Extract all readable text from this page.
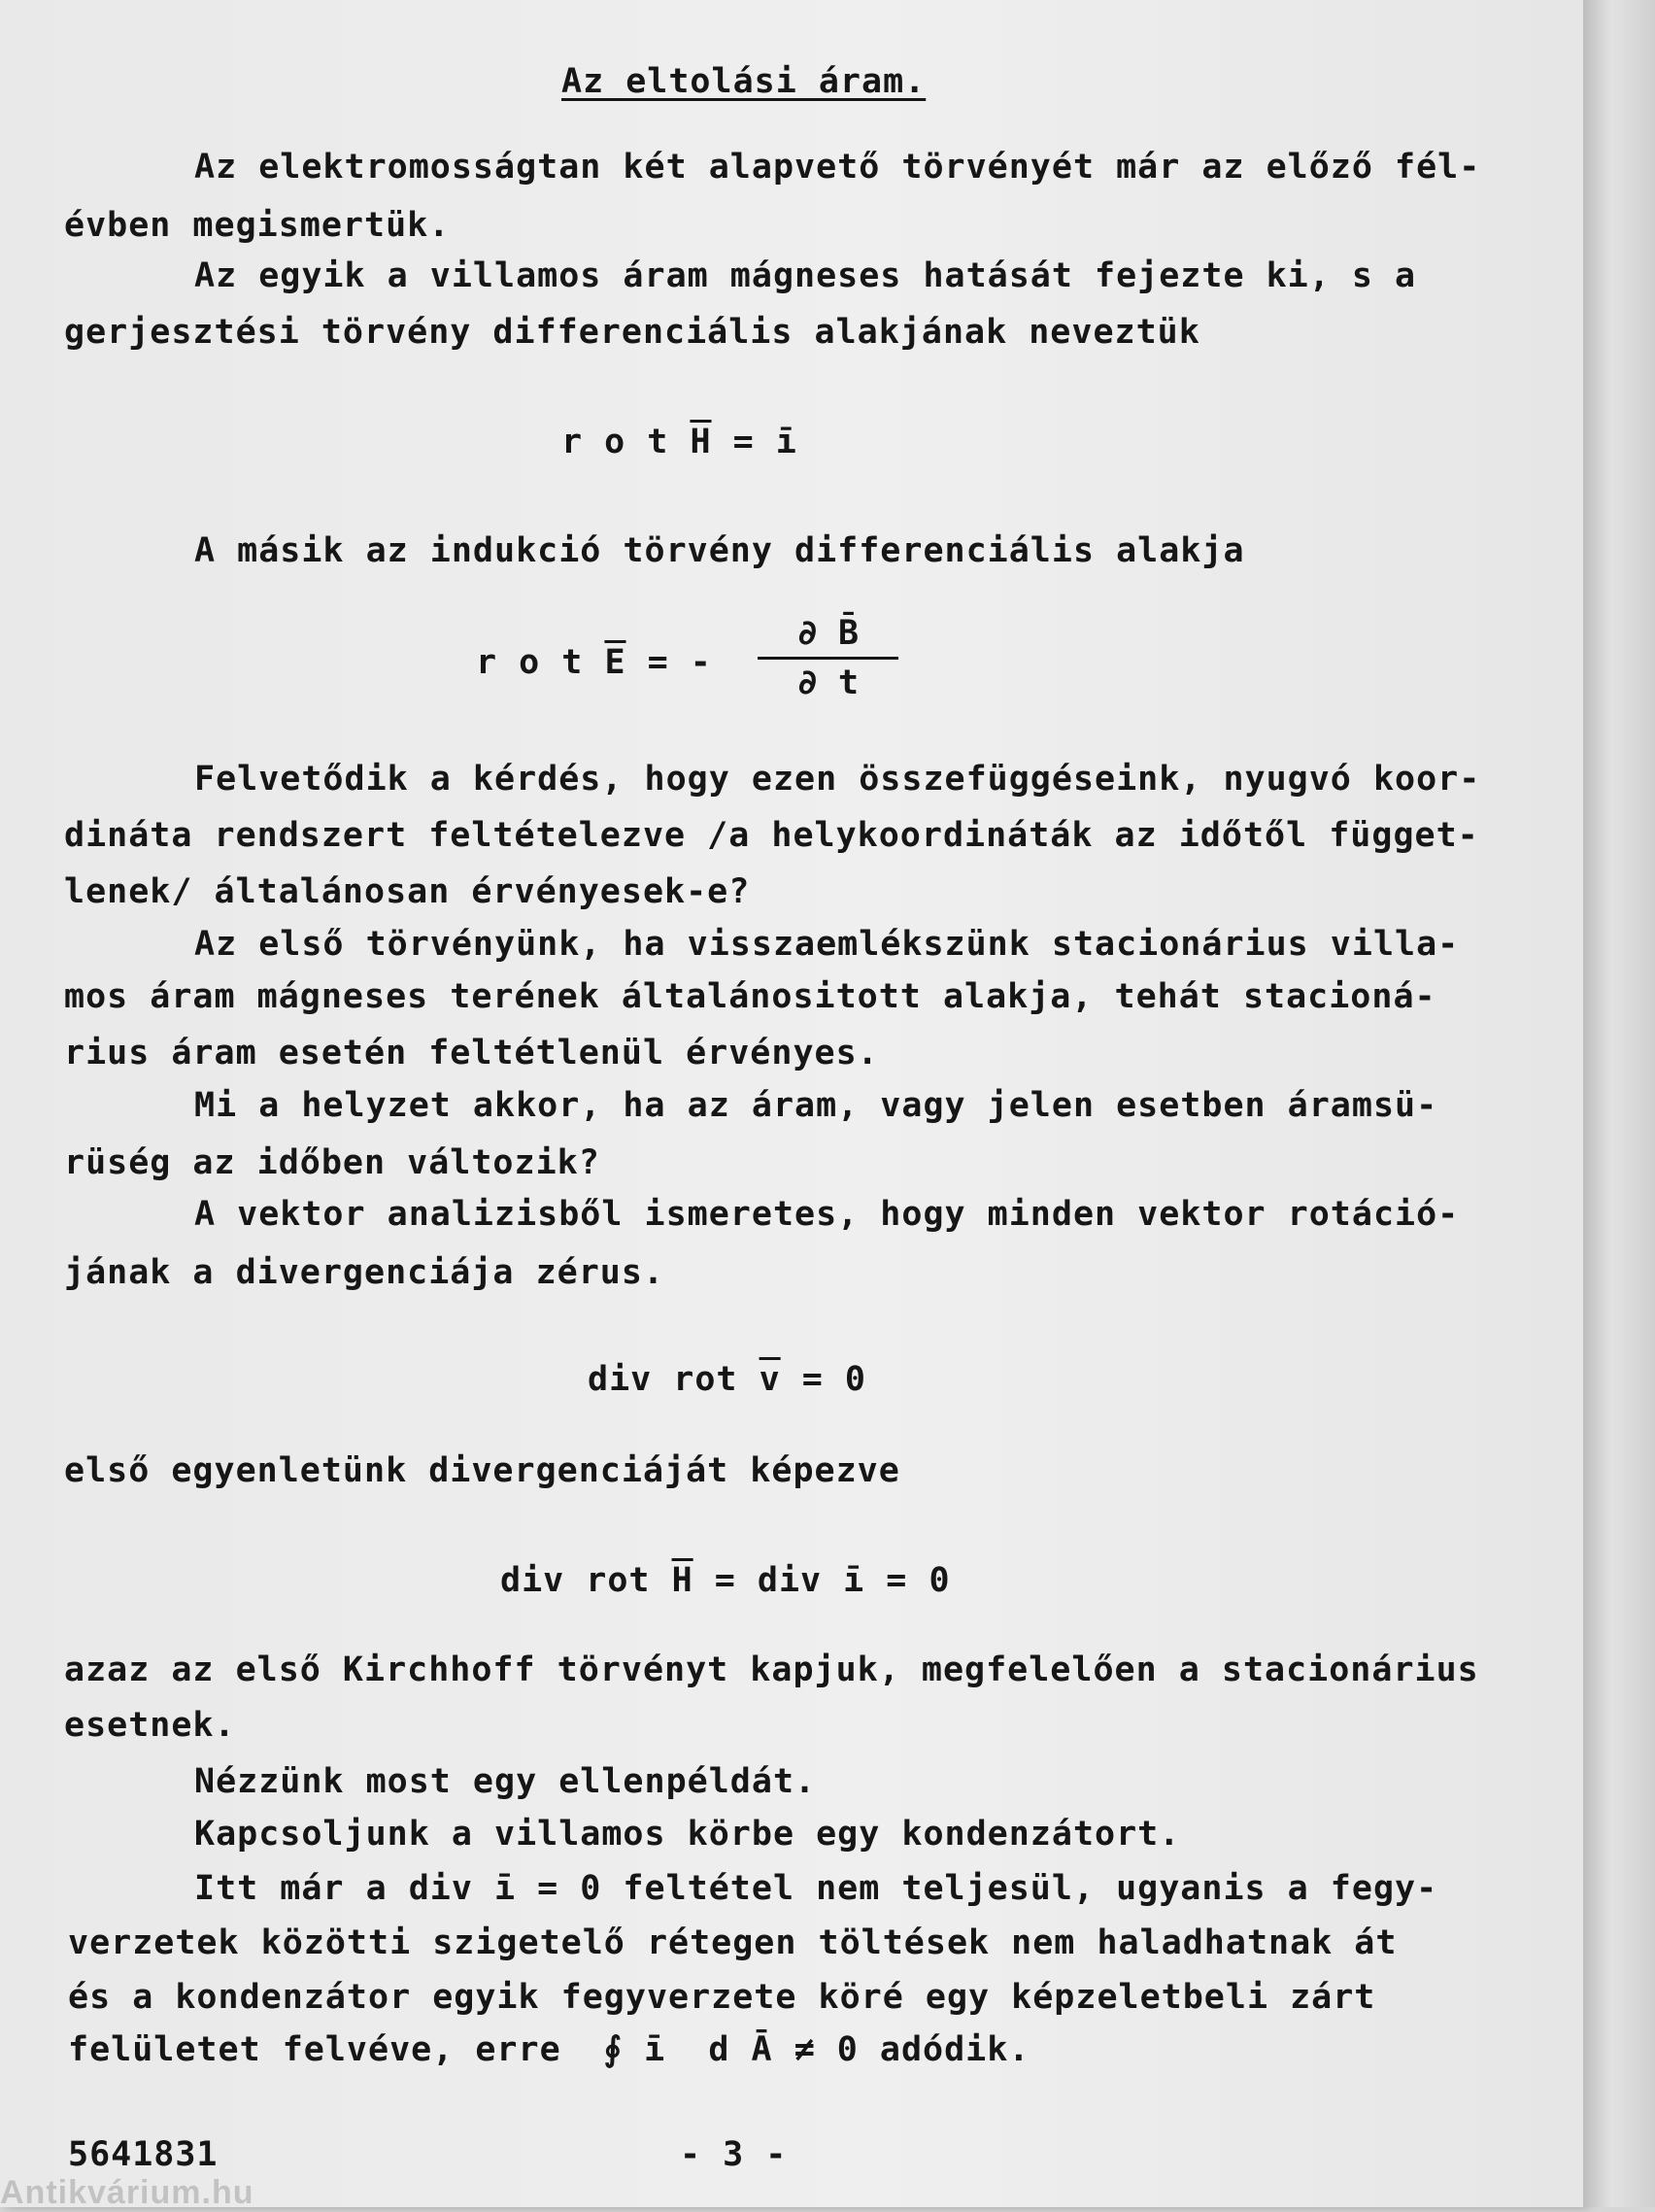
Az eltolási áram.
Az elektromosságtan két alapvető törvényét már az előző fél-
évben megismertük.
Az egyik a villamos áram mágneses hatását fejezte ki, s a
gerjesztési törvény differenciális alakjának neveztük
r o t $\overline{H}$ = ī
A másik az indukció törvény differenciális alakja
r o t $\overline{E}$ = -
∂ B̄
∂ t
Felvetődik a kérdés, hogy ezen összefüggéseink, nyugvó koor-
dináta rendszert feltételezve /a helykoordináták az időtől függet-
lenek/ általánosan érvényesek-e?
Az első törvényünk, ha visszaemlékszünk stacionárius villa-
mos áram mágneses terének általánositott alakja, tehát stacioná-
rius áram esetén feltétlenül érvényes.
Mi a helyzet akkor, ha az áram, vagy jelen esetben áramsü-
rüség az időben változik?
A vektor analizisből ismeretes, hogy minden vektor rotáció-
jának a divergenciája zérus.
div rot $\overline{v} = 0$
első egyenletünk divergenciáját képezve
div rot $\overline{H}$ = div ī = 0
azaz az első Kirchhoff törvényt kapjuk, megfelelően a stacionárius
esetnek.
Nézzünk most egy ellenpéldát.
Kapcsoljunk a villamos körbe egy kondenzátort.
Itt már a div ī = 0 feltétel nem teljesül, ugyanis a fegy-
verzetek közötti szigetelő rétegen töltések nem haladhatnak át
és a kondenzátor egyik fegyverzete köré egy képzeletbeli zárt
felületet felvéve, erre  ∮ ī  d Ā ≠ 0 adódik.
5641831	- 3 -
Antikvárium.hu
